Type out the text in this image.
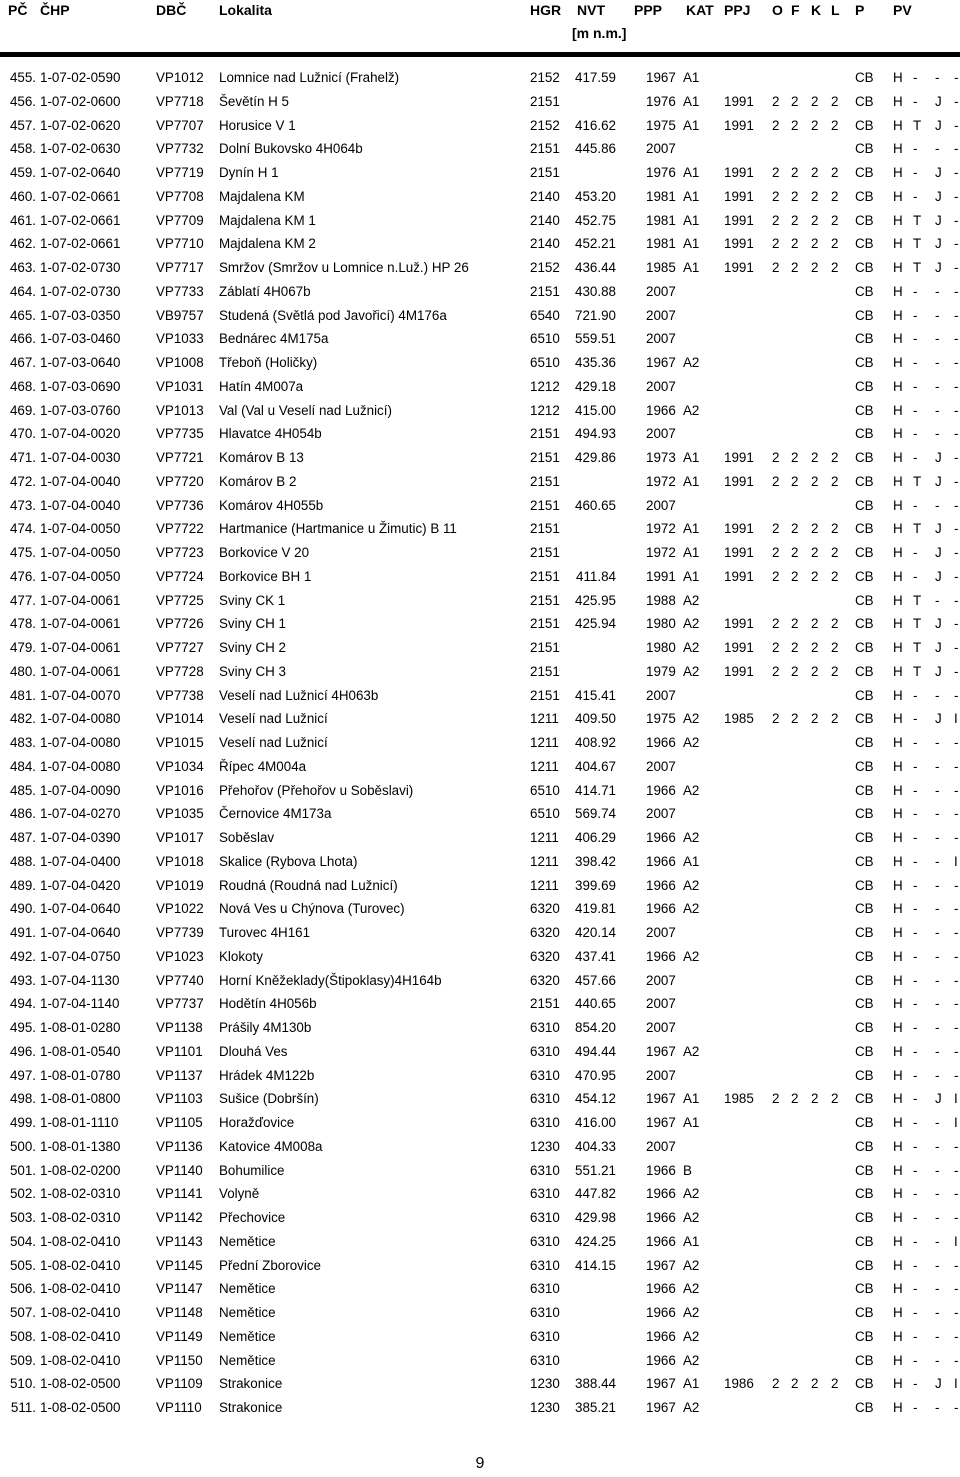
PČ ČHP	DBČ Lokalita	HGR NVT
[m n.m.]
PPP KAT PPJ O F K L P PV
455. 1-07-02-0590	VP1012 Lomnice nad Lužnicí (Frahelž)	2152 417.59 1967 A1	CB H - - -
456. 1-07-02-0600	VP7718 Ševětín H 5	2151	1976 A1 1991 2 2 2 2 CB H - J -
457. 1-07-02-0620	VP7707 Horusice V 1	2152 416.62 1975 A1 1991 2 2 2 2 CB H T J -
458. 1-07-02-0630	VP7732 Dolní Bukovsko 4H064b	2151 445.86 2007	CB H - - -
459. 1-07-02-0640	VP7719 Dynín H 1	2151	1976 A1 1991 2 2 2 2 CB H - J -
460. 1-07-02-0661	VP7708 Majdalena KM	2140 453.20 1981 A1 1991 2 2 2 2 CB H - J -
461. 1-07-02-0661	VP7709 Majdalena KM 1	2140 452.75 1981 A1 1991 2 2 2 2 CB H T J -
462. 1-07-02-0661	VP7710 Majdalena KM 2	2140 452.21 1981 A1 1991 2 2 2 2 CB H T J -
463. 1-07-02-0730	VP7717 Smržov (Smržov u Lomnice n.Luž.) HP 26	2152 436.44 1985 A1 1991 2 2 2 2 CB H T J -
464. 1-07-02-0730	VP7733 Záblatí 4H067b	2151 430.88 2007	CB H - - -
465. 1-07-03-0350	VB9757 Studená (Světlá pod Javořicí) 4M176a	6540 721.90 2007	CB H - - -
466. 1-07-03-0460	VP1033 Bednárec 4M175a	6510 559.51 2007	CB H - - -
467. 1-07-03-0640	VP1008 Třeboň (Holičky)	6510 435.36 1967 A2	CB H - - -
468. 1-07-03-0690	VP1031 Hatín 4M007a	1212 429.18 2007	CB H - - -
469. 1-07-03-0760	VP1013 Val (Val u Veselí nad Lužnicí)	1212 415.00 1966 A2	CB H - - -
470. 1-07-04-0020	VP7735 Hlavatce 4H054b	2151 494.93 2007	CB H - - -
471. 1-07-04-0030	VP7721 Komárov B 13	2151 429.86 1973 A1 1991 2 2 2 2 CB H - J -
472. 1-07-04-0040	VP7720 Komárov B 2	2151	1972 A1 1991 2 2 2 2 CB H T J -
473. 1-07-04-0040	VP7736 Komárov 4H055b	2151 460.65 2007	CB H - - -
474. 1-07-04-0050	VP7722 Hartmanice (Hartmanice u Žimutic) B 11	2151	1972 A1 1991 2 2 2 2 CB H T J -
475. 1-07-04-0050	VP7723 Borkovice V 20	2151	1972 A1 1991 2 2 2 2 CB H - J -
476. 1-07-04-0050	VP7724 Borkovice BH 1	2151	411.84 1991 A1 1991 2 2 2 2 CB H - J -
477. 1-07-04-0061	VP7725 Sviny CK 1	2151 425.95 1988 A2	CB H T - -
478. 1-07-04-0061	VP7726 Sviny CH 1	2151 425.94 1980 A2 1991 2 2 2 2 CB H T J -
479. 1-07-04-0061	VP7727 Sviny CH 2	2151	1980 A2 1991 2 2 2 2 CB H T J -
480. 1-07-04-0061	VP7728 Sviny CH 3	2151	1979 A2 1991 2 2 2 2 CB H T J -
481. 1-07-04-0070	VP7738 Veselí nad Lužnicí 4H063b	2151 415.41 2007	CB H - - -
482. 1-07-04-0080	VP1014 Veselí nad Lužnicí	1211 409.50 1975 A2 1985 2 2 2 2 CB H - J I
483. 1-07-04-0080	VP1015 Veselí nad Lužnicí	1211 408.92 1966 A2	CB H - - -
484. 1-07-04-0080	VP1034 Řípec 4M004a	1211 404.67 2007	CB H - - -
485. 1-07-04-0090	VP1016 Přehořov (Přehořov u Soběslavi)	6510 414.71 1966 A2	CB H - - -
486. 1-07-04-0270	VP1035 Černovice 4M173a	6510 569.74 2007	CB H - - -
487. 1-07-04-0390	VP1017 Soběslav	1211 406.29 1966 A2	CB H - - -
488. 1-07-04-0400	VP1018 Skalice (Rybova Lhota)	1211 398.42 1966 A1	CB H - - I
489. 1-07-04-0420	VP1019 Roudná (Roudná nad Lužnicí)	1211 399.69 1966 A2	CB H - - -
490. 1-07-04-0640	VP1022 Nová Ves u Chýnova (Turovec)	6320 419.81 1966 A2	CB H - - -
491. 1-07-04-0640	VP7739 Turovec 4H161	6320 420.14 2007	CB H - - -
492. 1-07-04-0750	VP1023 Klokoty	6320 437.41 1966 A2	CB H - - -
493. 1-07-04-1130	VP7740 Horní Kněžeklady(Štipoklasy)4H164b	6320 457.66 2007	CB H - - -
494. 1-07-04-1140	VP7737 Hodětín 4H056b	2151 440.65 2007	CB H - - -
495. 1-08-01-0280	VP1138 Prášily 4M130b	6310 854.20 2007	CB H - - -
496. 1-08-01-0540	VP1101 Dlouhá Ves	6310 494.44 1967 A2	CB H - - -
497. 1-08-01-0780	VP1137 Hrádek 4M122b	6310 470.95 2007	CB H - - -
498. 1-08-01-0800	VP1103 Sušice (Dobršín)	6310 454.12 1967 A1 1985 2 2 2 2 CB H - J I
499. 1-08-01-1110	VP1105 Horažďovice	6310 416.00 1967 A1	CB H - - I
500. 1-08-01-1380	VP1136 Katovice 4M008a	1230 404.33 2007	CB H - - -
501. 1-08-02-0200	VP1140 Bohumilice	6310 551.21 1966 B	CB H - - -
502. 1-08-02-0310	VP1141 Volyně	6310 447.82 1966 A2	CB H - - -
503. 1-08-02-0310	VP1142 Přechovice	6310 429.98 1966 A2	CB H - - -
504. 1-08-02-0410	VP1143 Nemětice	6310 424.25 1966 A1	CB H - - I
505. 1-08-02-0410	VP1145 Přední Zborovice	6310 414.15 1967 A2	CB H - - -
506. 1-08-02-0410	VP1147 Nemětice	6310	1966 A2	CB H - - -
507. 1-08-02-0410	VP1148 Nemětice	6310	1966 A2	CB H - - -
508. 1-08-02-0410	VP1149 Nemětice	6310	1966 A2	CB H - - -
509. 1-08-02-0410	VP1150 Nemětice	6310	1966 A2	CB H - - -
510. 1-08-02-0500	VP1109 Strakonice	1230 388.44 1967 A1 1986 2 2 2 2 CB H - J I
511. 1-08-02-0500	VP1110 Strakonice	1230 385.21 1967 A2	CB H - - -
9
